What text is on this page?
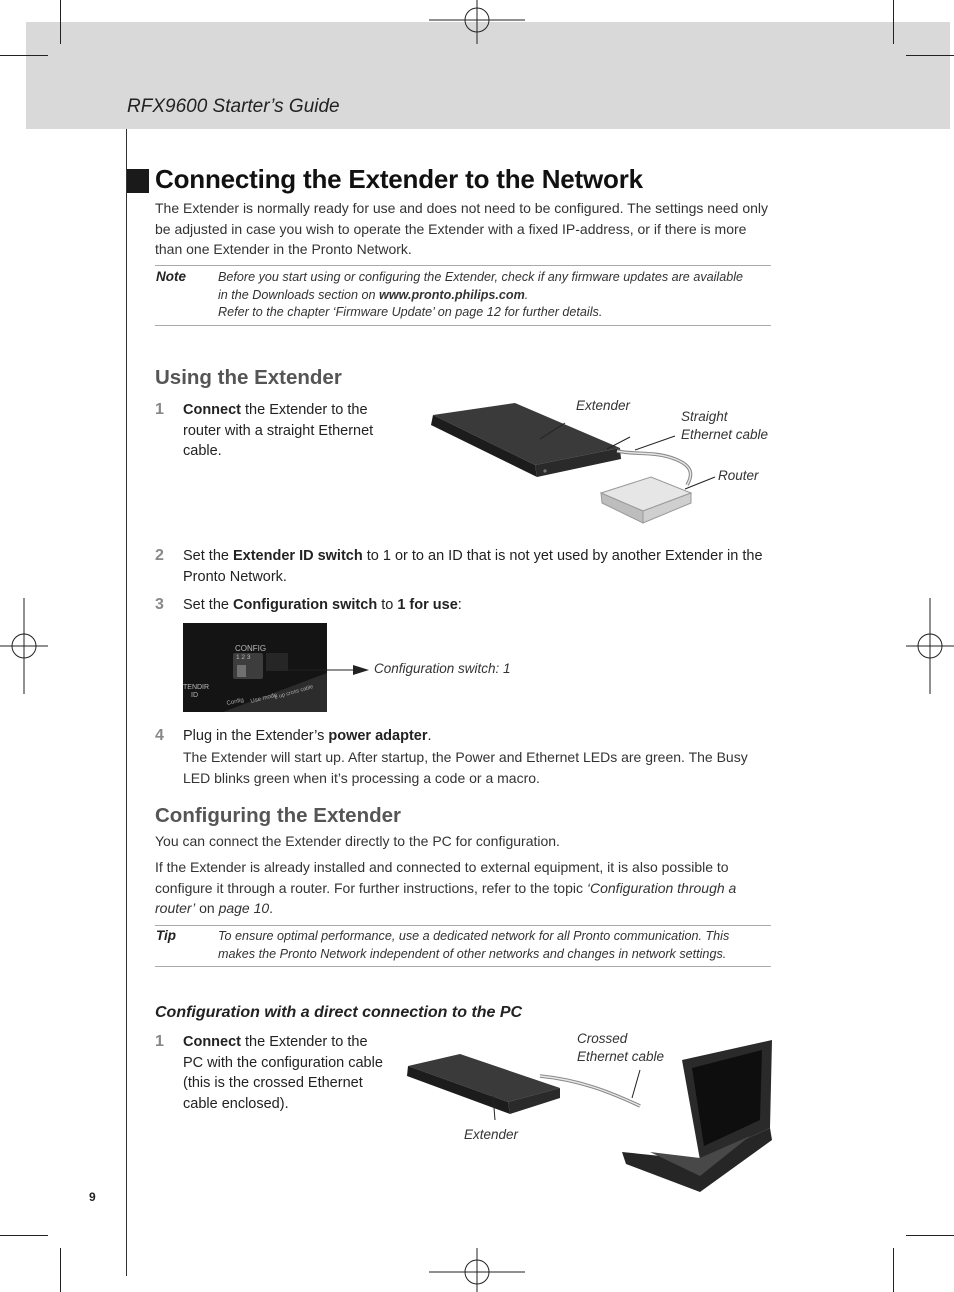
RFX9600 Starter’s Guide
Connecting the Extender to the Network
The Extender is normally ready for use and does not need to be configured. The settings need only be adjusted in case you wish to operate the Extender with a fixed IP-address, or if there is more than one Extender in the Pronto Network.
Note	Before you start using or configuring the Extender, check if any firmware updates are available
in the Downloads section on www.pronto.philips.com.
Refer to the chapter ‘Firmware Update’ on page 12 for further details.
Using the Extender
1 Connect the Extender to the router with a straight Ethernet cable.
Extender
Straight
Ethernet cable
Router
2 Set the Extender ID switch to 1 or to an ID that is not yet used by another Extender in the Pronto Network.
3 Set the Configuration switch to 1 for use:
CONFIG
1 2 3
TENDIR
ID
Config Use mode
e up cross cable
Configuration switch: 1
4 Plug in the Extender’s power adapter.
The Extender will start up. After startup, the Power and Ethernet LEDs are green. The Busy LED blinks green when it’s processing a code or a macro.
Configuring the Extender
You can connect the Extender directly to the PC for configuration.
If the Extender is already installed and connected to external equipment, it is also possible to configure it through a router. For further instructions, refer to the topic ‘Configuration through a router’ on page 10.
Tip	To ensure optimal performance, use a dedicated network for all Pronto communication. This
makes the Pronto Network independent of other networks and changes in network settings.
Configuration with a direct connection to the PC
1 Connect the Extender to the PC with the configuration cable (this is the crossed Ethernet cable enclosed).
Crossed
Ethernet cable
Extender
9
